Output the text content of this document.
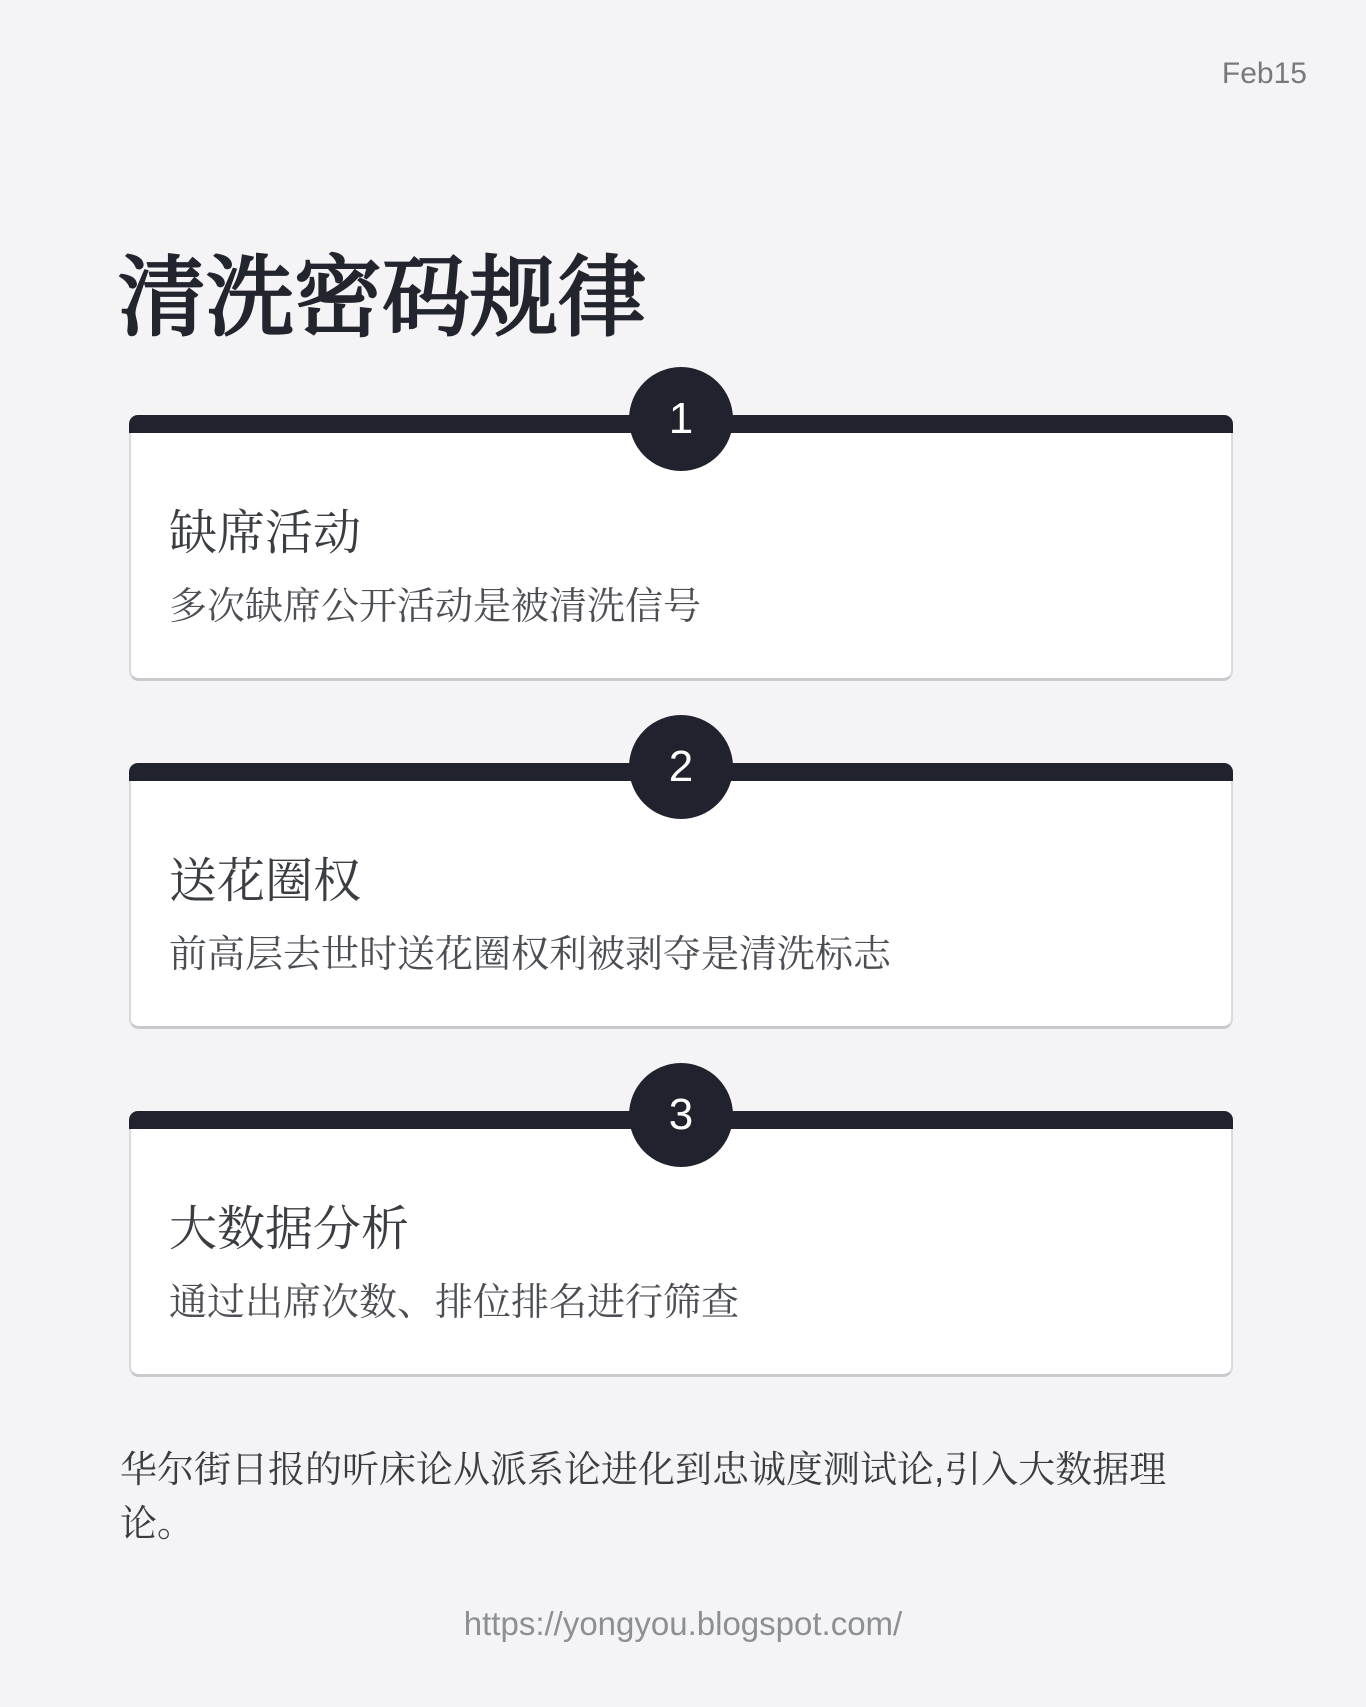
Feb15
清洗密码规律
1
缺席活动
多次缺席公开活动是被清洗信号
2
送花圈权
前高层去世时送花圈权利被剥夺是清洗标志
3
大数据分析
通过出席次数、排位排名进行筛查

华尔街日报的听床论从派系论进化到忠诚度测试论,引入大数据理论。

https://yongyou.blogspot.com/
